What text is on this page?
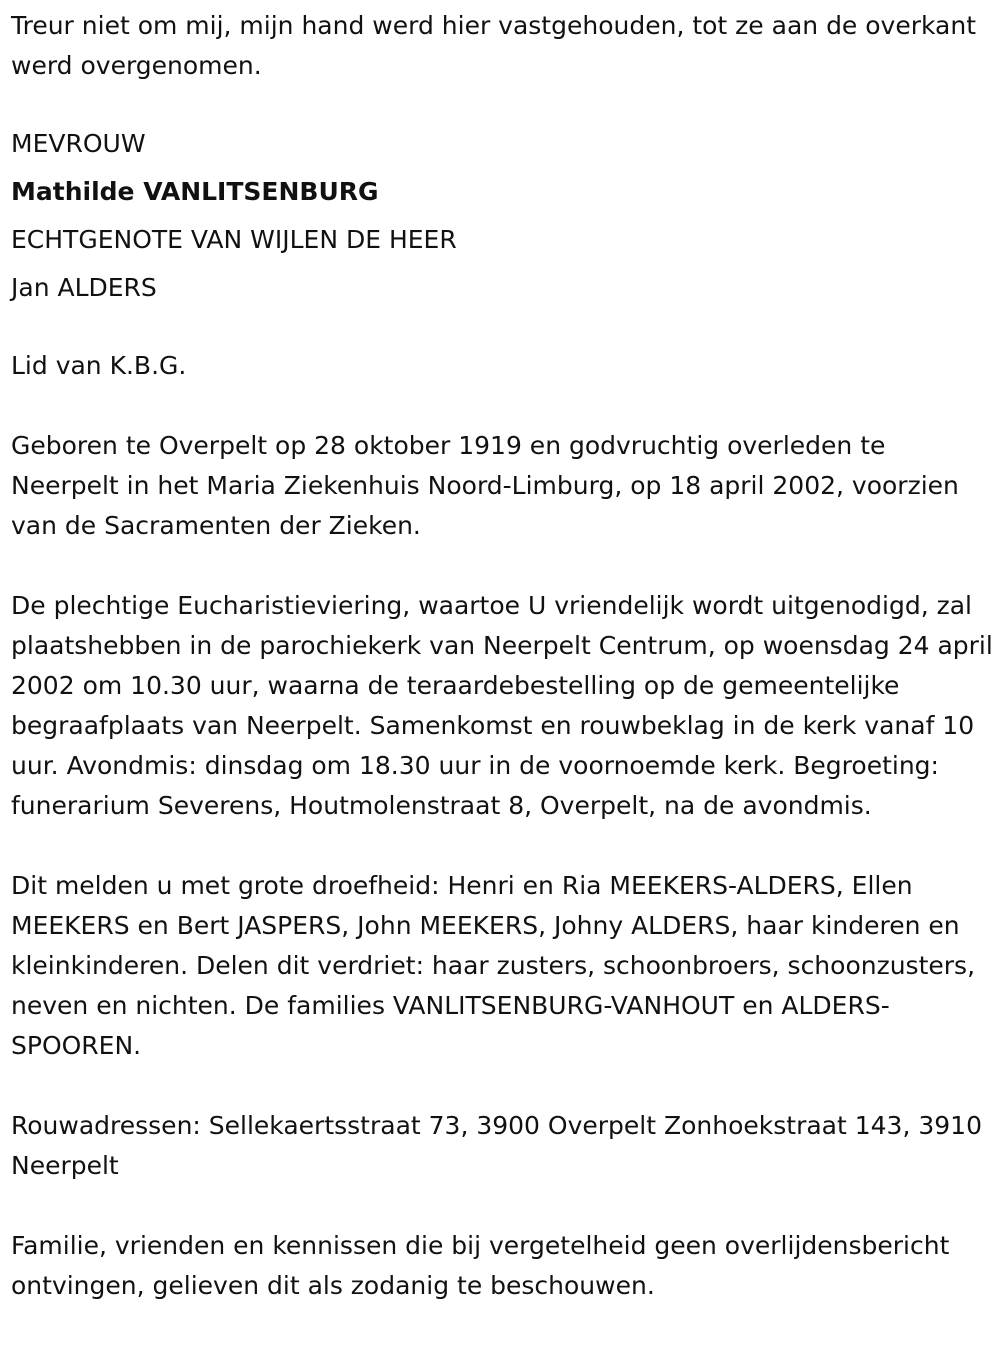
Treur niet om mij, mijn hand werd hier vastgehouden, tot ze aan de overkant werd overgenomen.

MEVROUW

Mathilde VANLITSENBURG

ECHTGENOTE VAN WIJLEN DE HEER

Jan ALDERS

Lid van K.B.G.

Geboren te Overpelt op 28 oktober 1919 en godvruchtig overleden te Neerpelt in het Maria Ziekenhuis Noord-Limburg, op 18 april 2002, voorzien van de Sacramenten der Zieken.

De plechtige Eucharistieviering, waartoe U vriendelijk wordt uitgenodigd, zal plaatshebben in de parochiekerk van Neerpelt Centrum, op woensdag 24 april 2002 om 10.30 uur, waarna de teraardebestelling op de gemeentelijke begraafplaats van Neerpelt. Samenkomst en rouwbeklag in de kerk vanaf 10 uur. Avondmis: dinsdag om 18.30 uur in de voornoemde kerk. Begroeting: funerarium Severens, Houtmolenstraat 8, Overpelt, na de avondmis.

Dit melden u met grote droefheid: Henri en Ria MEEKERS-ALDERS, Ellen MEEKERS en Bert JASPERS, John MEEKERS, Johny ALDERS, haar kinderen en kleinkinderen. Delen dit verdriet: haar zusters, schoonbroers, schoonzusters, neven en nichten. De families VANLITSENBURG-VANHOUT en ALDERS-SPOOREN.

Rouwadressen: Sellekaertsstraat 73, 3900 Overpelt Zonhoekstraat 143, 3910 Neerpelt

Familie, vrienden en kennissen die bij vergetelheid geen overlijdensbericht ontvingen, gelieven dit als zodanig te beschouwen.
